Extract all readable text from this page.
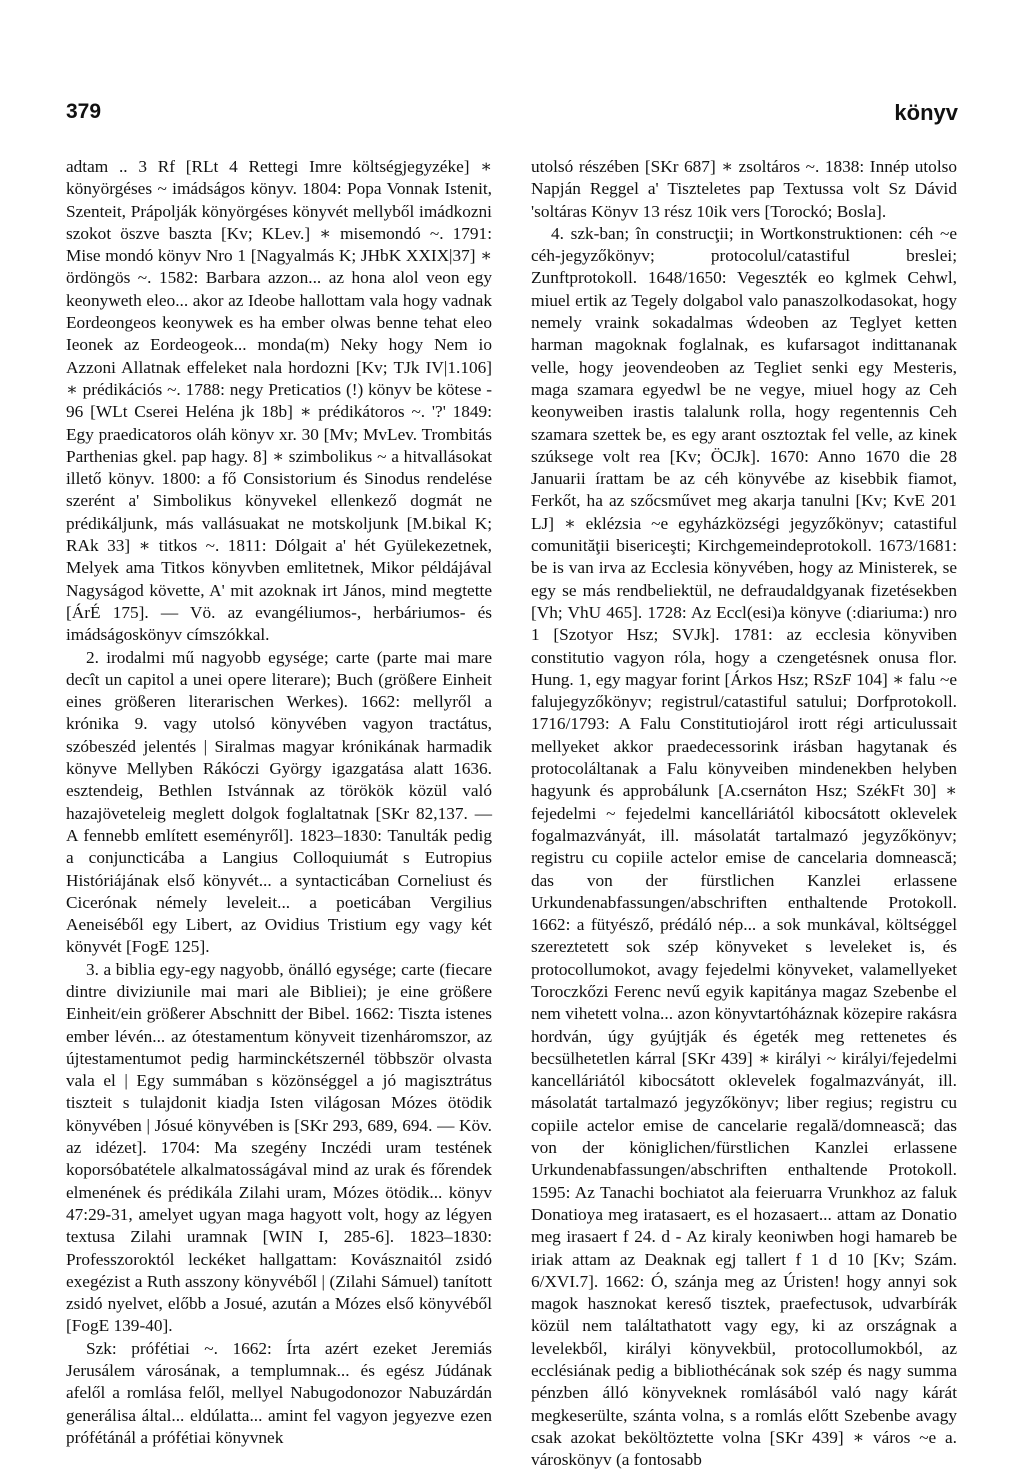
379	könyv

adtam .. 3 Rf [RLt 4 Rettegi Imre költségjegyzéke] ∗ könyörgéses ~ imádságos könyv. 1804: Popa Vonnak Istenit, Szenteit, Prápolják könyörgéses könyvét mellyből imádkozni szokot öszve baszta [Kv; KLev.] ∗ misemondó ~. 1791: Mise mondó könyv Nro 1 [Nagyalmás K; JHbK XXIX|37] ∗ ördöngös ~. 1582: Barbara azzon... az hona alol veon egy keonyweth eleo... akor az Ideobe hallottam vala hogy vadnak Eordeongeos keonywek es ha ember olwas benne tehat eleo Ieonek az Eordeogeok... monda(m) Neky hogy Nem io Azzoni Allatnak effeleket nala hordozni [Kv; TJk IV|1.106] ∗ prédikációs ~. 1788: negy Preticatios (!) könyv be kötese - 96 [WLt Cserei Heléna jk 18b] ∗ prédikátoros ~. '?' 1849: Egy praedicatoros oláh könyv xr. 30 [Mv; MvLev. Trombitás Parthenias gkel. pap hagy. 8] ∗ szimbolikus ~ a hitvallásokat illető könyv. 1800: a fő Consistorium és Sinodus rendelése szerént a' Simbolikus könyvekel ellenkező dogmát ne prédikáljunk, más vallásuakat ne motskoljunk [M.bikal K; RAk 33] ∗ titkos ~. 1811: Dólgait a' hét Gyülekezetnek, Melyek ama Titkos könyvben emlitetnek, Mikor példájával Nagyságod követte, A' mit azoknak irt János, mind megtette [ÁrÉ 175]. — Vö. az evangéliumos-, herbáriumos- és imádságoskönyv címszókkal.

2. irodalmi mű nagyobb egysége; carte (parte mai mare decît un capitol a unei opere literare); Buch (größere Einheit eines größeren literarischen Werkes). 1662: mellyről a krónika 9. vagy utolsó könyvében vagyon tractátus, szóbeszéd jelentés | Siralmas magyar krónikának harmadik könyve Mellyben Rákóczi György igazgatása alatt 1636. esztendeig, Bethlen Istvánnak az törökök közül való hazajöveteleig meglett dolgok foglaltatnak [SKr 82,137. — A fennebb említett eseményről]. 1823–1830: Tanulták pedig a conjuncticába a Langius Colloquiumát s Eutropius Históriájának első könyvét... a syntacticában Corneliust és Cicerónak némely leveleit... a poeticában Vergilius Aeneiséből egy Libert, az Ovidius Tristium egy vagy két könyvét [FogE 125].

3. a biblia egy-egy nagyobb, önálló egysége; carte (fiecare dintre diviziunile mai mari ale Bibliei); je eine größere Einheit/ein größerer Abschnitt der Bibel. 1662: Tiszta istenes ember lévén... az ótestamentum könyveit tizenháromszor, az újtestamentumot pedig harminckétszernél többször olvasta vala el | Egy summában s közönséggel a jó magisztrátus tiszteit s tulajdonit kiadja Isten világosan Mózes ötödik könyvében | Jósué könyvében is [SKr 293, 689, 694. — Köv. az idézet]. 1704: Ma szegény Inczédi uram testének koporsóbatétele alkalmatosságával mind az urak és főrendek elmenének és prédikála Zilahi uram, Mózes ötödik... könyv 47:29-31, amelyet ugyan maga hagyott volt, hogy az légyen textusa Zilahi uramnak [WIN I, 285-6]. 1823–1830: Professzoroktól leckéket hallgattam: Kovásznaitól zsidó exegézist a Ruth asszony könyvéből | (Zilahi Sámuel) tanított zsidó nyelvet, előbb a Josué, azután a Mózes első könyvéből [FogE 139-40].

Szk: prófétiai ~. 1662: Írta azért ezeket Jeremiás Jerusálem városának, a templumnak... és egész Júdának afelől a romlása felől, mellyel Nabugodonozor Nabuzárdán generálisa által... eldúlatta... amint fel vagyon jegyezve ezen prófétánál a prófétiai könyvnek

utolsó részében [SKr 687] ∗ zsoltáros ~. 1838: Innép utolso Napján Reggel a' Tiszteletes pap Textussa volt Sz Dávid 'soltáras Könyv 13 rész 10ik vers [Torockó; Bosla].

4. szk-ban; în construcţii; in Wortkonstruktionen: céh ~e céh-jegyzőkönyv; protocolul/catastiful breslei; Zunftprotokoll. 1648/1650: Vegeszték eo kglmek Cehwl, miuel ertik az Tegely dolgabol valo panaszolkodasokat, hogy nemely vraink sokadalmas ẃdeoben az Teglyet ketten harman magoknak foglalnak, es kufarsagot indittananak velle, hogy jeovendeoben az Tegliet senki egy Mesteris, maga szamara egyedwl be ne vegye, miuel hogy az Ceh keonyweiben irastis talalunk rolla, hogy regentennis Ceh szamara szettek be, es egy arant osztoztak fel velle, az kinek szúksege volt rea [Kv; ÖCJk]. 1670: Anno 1670 die 28 Januarii írattam be az céh könyvébe az kisebbik fiamot, Ferkőt, ha az szőcsművet meg akarja tanulni [Kv; KvE 201 LJ] ∗ eklézsia ~e egyházközségi jegyzőkönyv; catastiful comunităţii bisericeşti; Kirchgemeindeprotokoll. 1673/1681: be is van irva az Ecclesia könyvében, hogy az Ministerek, se egy se más rendbeliektül, ne defraudaldgyanak fizetésekben [Vh; VhU 465]. 1728: Az Eccl(esi)a könyve (:diariuma:) nro 1 [Szotyor Hsz; SVJk]. 1781: az ecclesia könyviben constitutio vagyon róla, hogy a czengetésnek onusa flor. Hung. 1, egy magyar forint [Árkos Hsz; RSzF 104] ∗ falu ~e falujegyzőkönyv; registrul/catastiful satului; Dorfprotokoll. 1716/1793: A Falu Constitutiojárol irott régi articulussait mellyeket akkor praedecessorink irásban hagytanak és protocoláltanak a Falu könyveiben mindenekben helyben hagyunk és approbálunk [A.csernáton Hsz; SzékFt 30] ∗ fejedelmi ~ fejedelmi kancelláriától kibocsátott oklevelek fogalmazványát, ill. másolatát tartalmazó jegyzőkönyv; registru cu copiile actelor emise de cancelaria domnească; das von der fürstlichen Kanzlei erlassene Urkundenabfassungen/abschriften enthaltende Protokoll. 1662: a fütyésző, prédáló nép... a sok munkával, költséggel szereztetett sok szép könyveket s leveleket is, és protocollumokot, avagy fejedelmi könyveket, valamellyeket Toroczkőzi Ferenc nevű egyik kapitánya magaz Szebenbe el nem vihetett volna... azon könyvtartóháznak közepire rakásra hordván, úgy gyújtják és égeték meg rettenetes és becsülhetetlen kárral [SKr 439] ∗ királyi ~ királyi/fejedelmi kancelláriától kibocsátott oklevelek fogalmazványát, ill. másolatát tartalmazó jegyzőkönyv; liber regius; registru cu copiile actelor emise de cancelarie regală/domnească; das von der königlichen/fürstlichen Kanzlei erlassene Urkundenabfassungen/abschriften enthaltende Protokoll. 1595: Az Tanachi bochiatot ala feieruarra Vrunkhoz az faluk Donatioya meg iratasaert, es el hozasaert... attam az Donatio meg irasaert f 24. d - Az kiraly keoniwben hogi hamareb be iriak attam az Deaknak egj tallert f 1 d 10 [Kv; Szám. 6/XVI.7]. 1662: Ó, szánja meg az Úristen! hogy annyi sok magok hasznokat kereső tisztek, praefectusok, udvarbírák közül nem találtathatott vagy egy, ki az országnak a levelekből, királyi könyvekbül, protocollumokból, az ecclésiának pedig a bibliothécának sok szép és nagy summa pénzben álló könyveknek romlásából való nagy kárát megkeserülte, szánta volna, s a romlás előtt Szebenbe avagy csak azokat beköltöztette volna [SKr 439] ∗ város ~e a. városkönyv (a fontosabb
